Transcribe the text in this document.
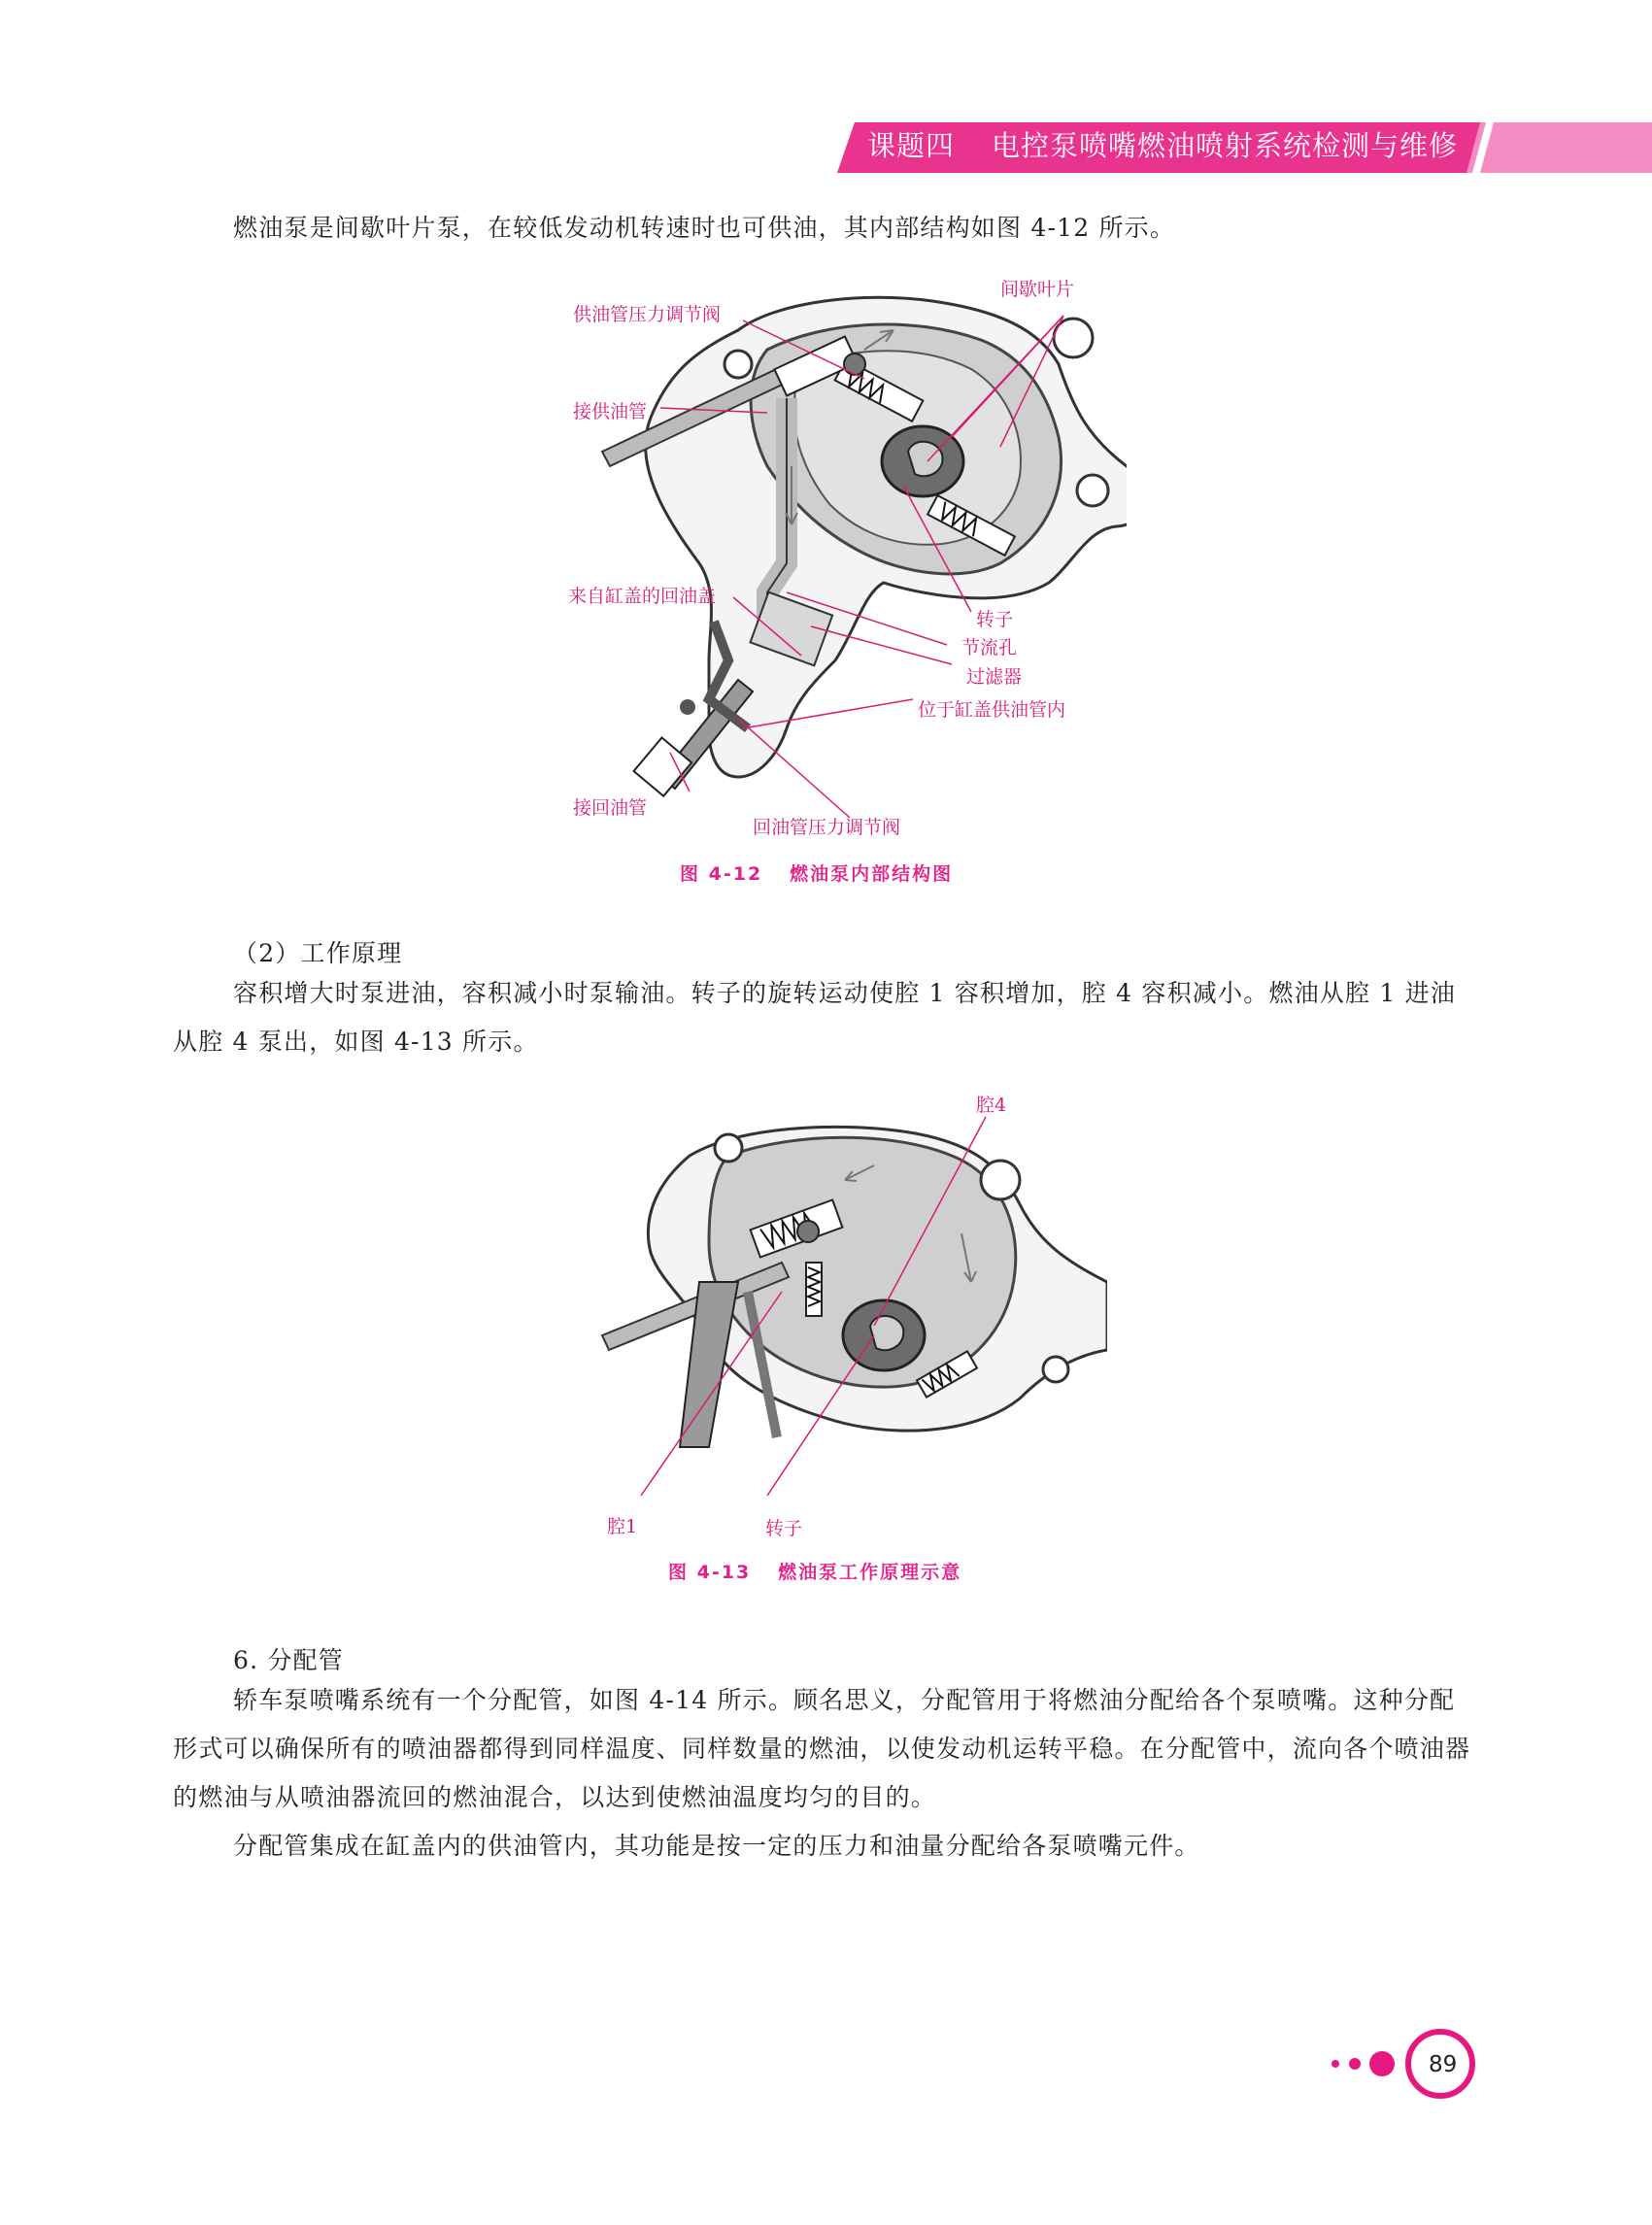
课题四 电控泵喷嘴燃油喷射系统检测与维修
燃油泵是间歇叶片泵，在较低发动机转速时也可供油，其内部结构如图 4-12 所示。
供油管压力调节阀
接供油管
来自缸盖的回油盖
间歇叶片
转子
节流孔
过滤器
位于缸盖供油管内
接回油管
回油管压力调节阀
图 4-12 燃油泵内部结构图
（2）工作原理
容积增大时泵进油，容积减小时泵输油。转子的旋转运动使腔 1 容积增加，腔 4 容积减小。燃油从腔 1 进油从腔 4 泵出，如图 4-13 所示。
腔4
腔1	转子
图 4-13 燃油泵工作原理示意
6. 分配管
轿车泵喷嘴系统有一个分配管，如图 4-14 所示。顾名思义，分配管用于将燃油分配给各个泵喷嘴。这种分配形式可以确保所有的喷油器都得到同样温度、同样数量的燃油，以使发动机运转平稳。在分配管中，流向各个喷油器的燃油与从喷油器流回的燃油混合，以达到使燃油温度均匀的目的。
分配管集成在缸盖内的供油管内，其功能是按一定的压力和油量分配给各泵喷嘴元件。
89
